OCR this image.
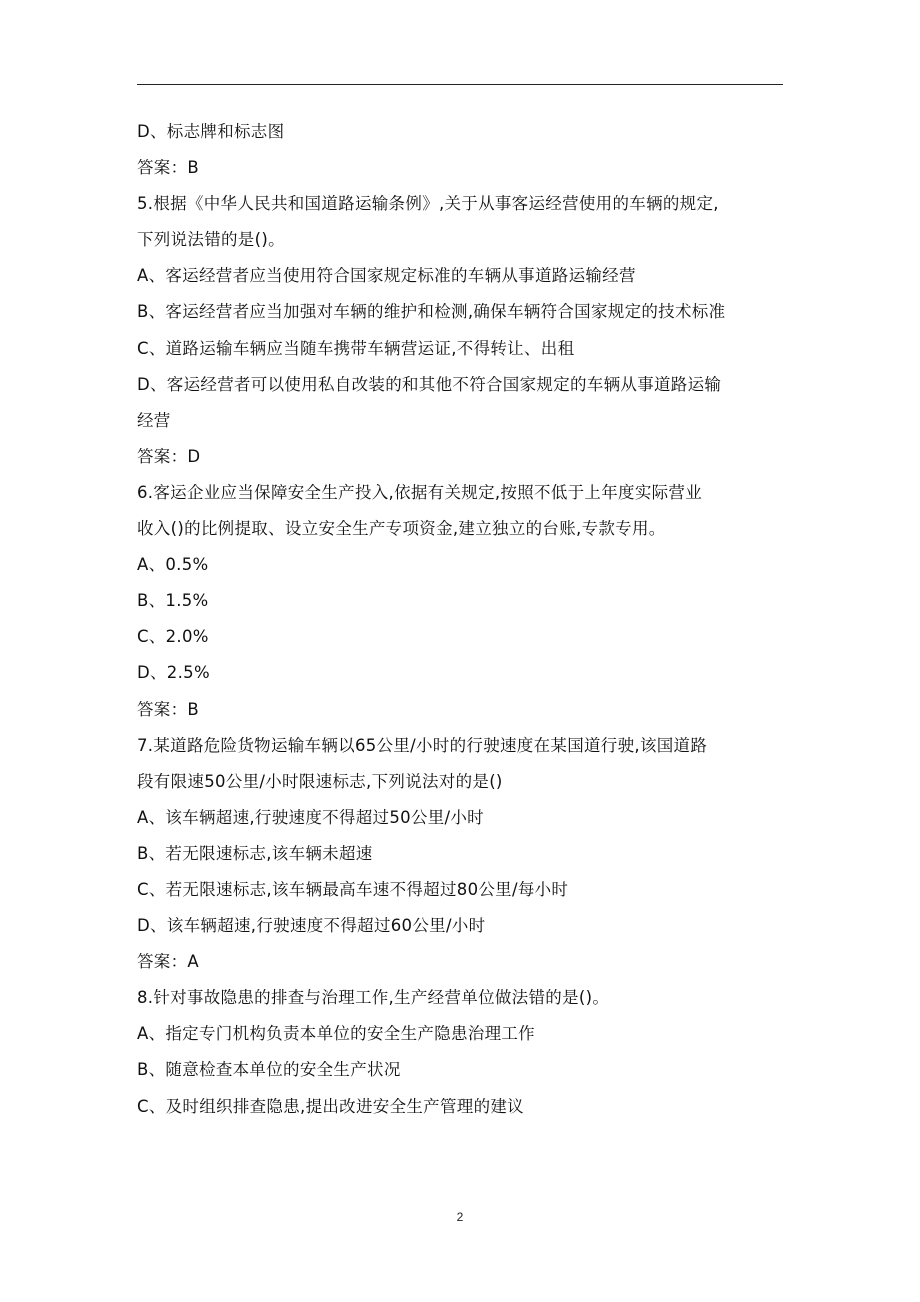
D、标志牌和标志图
答案：B
5.根据《中华人民共和国道路运输条例》,关于从事客运经营使用的车辆的规定,
下列说法错的是()。
A、客运经营者应当使用符合国家规定标准的车辆从事道路运输经营
B、客运经营者应当加强对车辆的维护和检测,确保车辆符合国家规定的技术标准
C、道路运输车辆应当随车携带车辆营运证,不得转让、出租
D、客运经营者可以使用私自改装的和其他不符合国家规定的车辆从事道路运输
经营
答案：D
6.客运企业应当保障安全生产投入,依据有关规定,按照不低于上年度实际营业
收入()的比例提取、设立安全生产专项资金,建立独立的台账,专款专用。
A、0.5%
B、1.5%
C、2.0%
D、2.5%
答案：B
7.某道路危险货物运输车辆以65公里/小时的行驶速度在某国道行驶,该国道路
段有限速50公里/小时限速标志,下列说法对的是()
A、该车辆超速,行驶速度不得超过50公里/小时
B、若无限速标志,该车辆未超速
C、若无限速标志,该车辆最高车速不得超过80公里/每小时
D、该车辆超速,行驶速度不得超过60公里/小时
答案：A
8.针对事故隐患的排查与治理工作,生产经营单位做法错的是()。
A、指定专门机构负责本单位的安全生产隐患治理工作
B、随意检查本单位的安全生产状况
C、及时组织排查隐患,提出改进安全生产管理的建议
2
